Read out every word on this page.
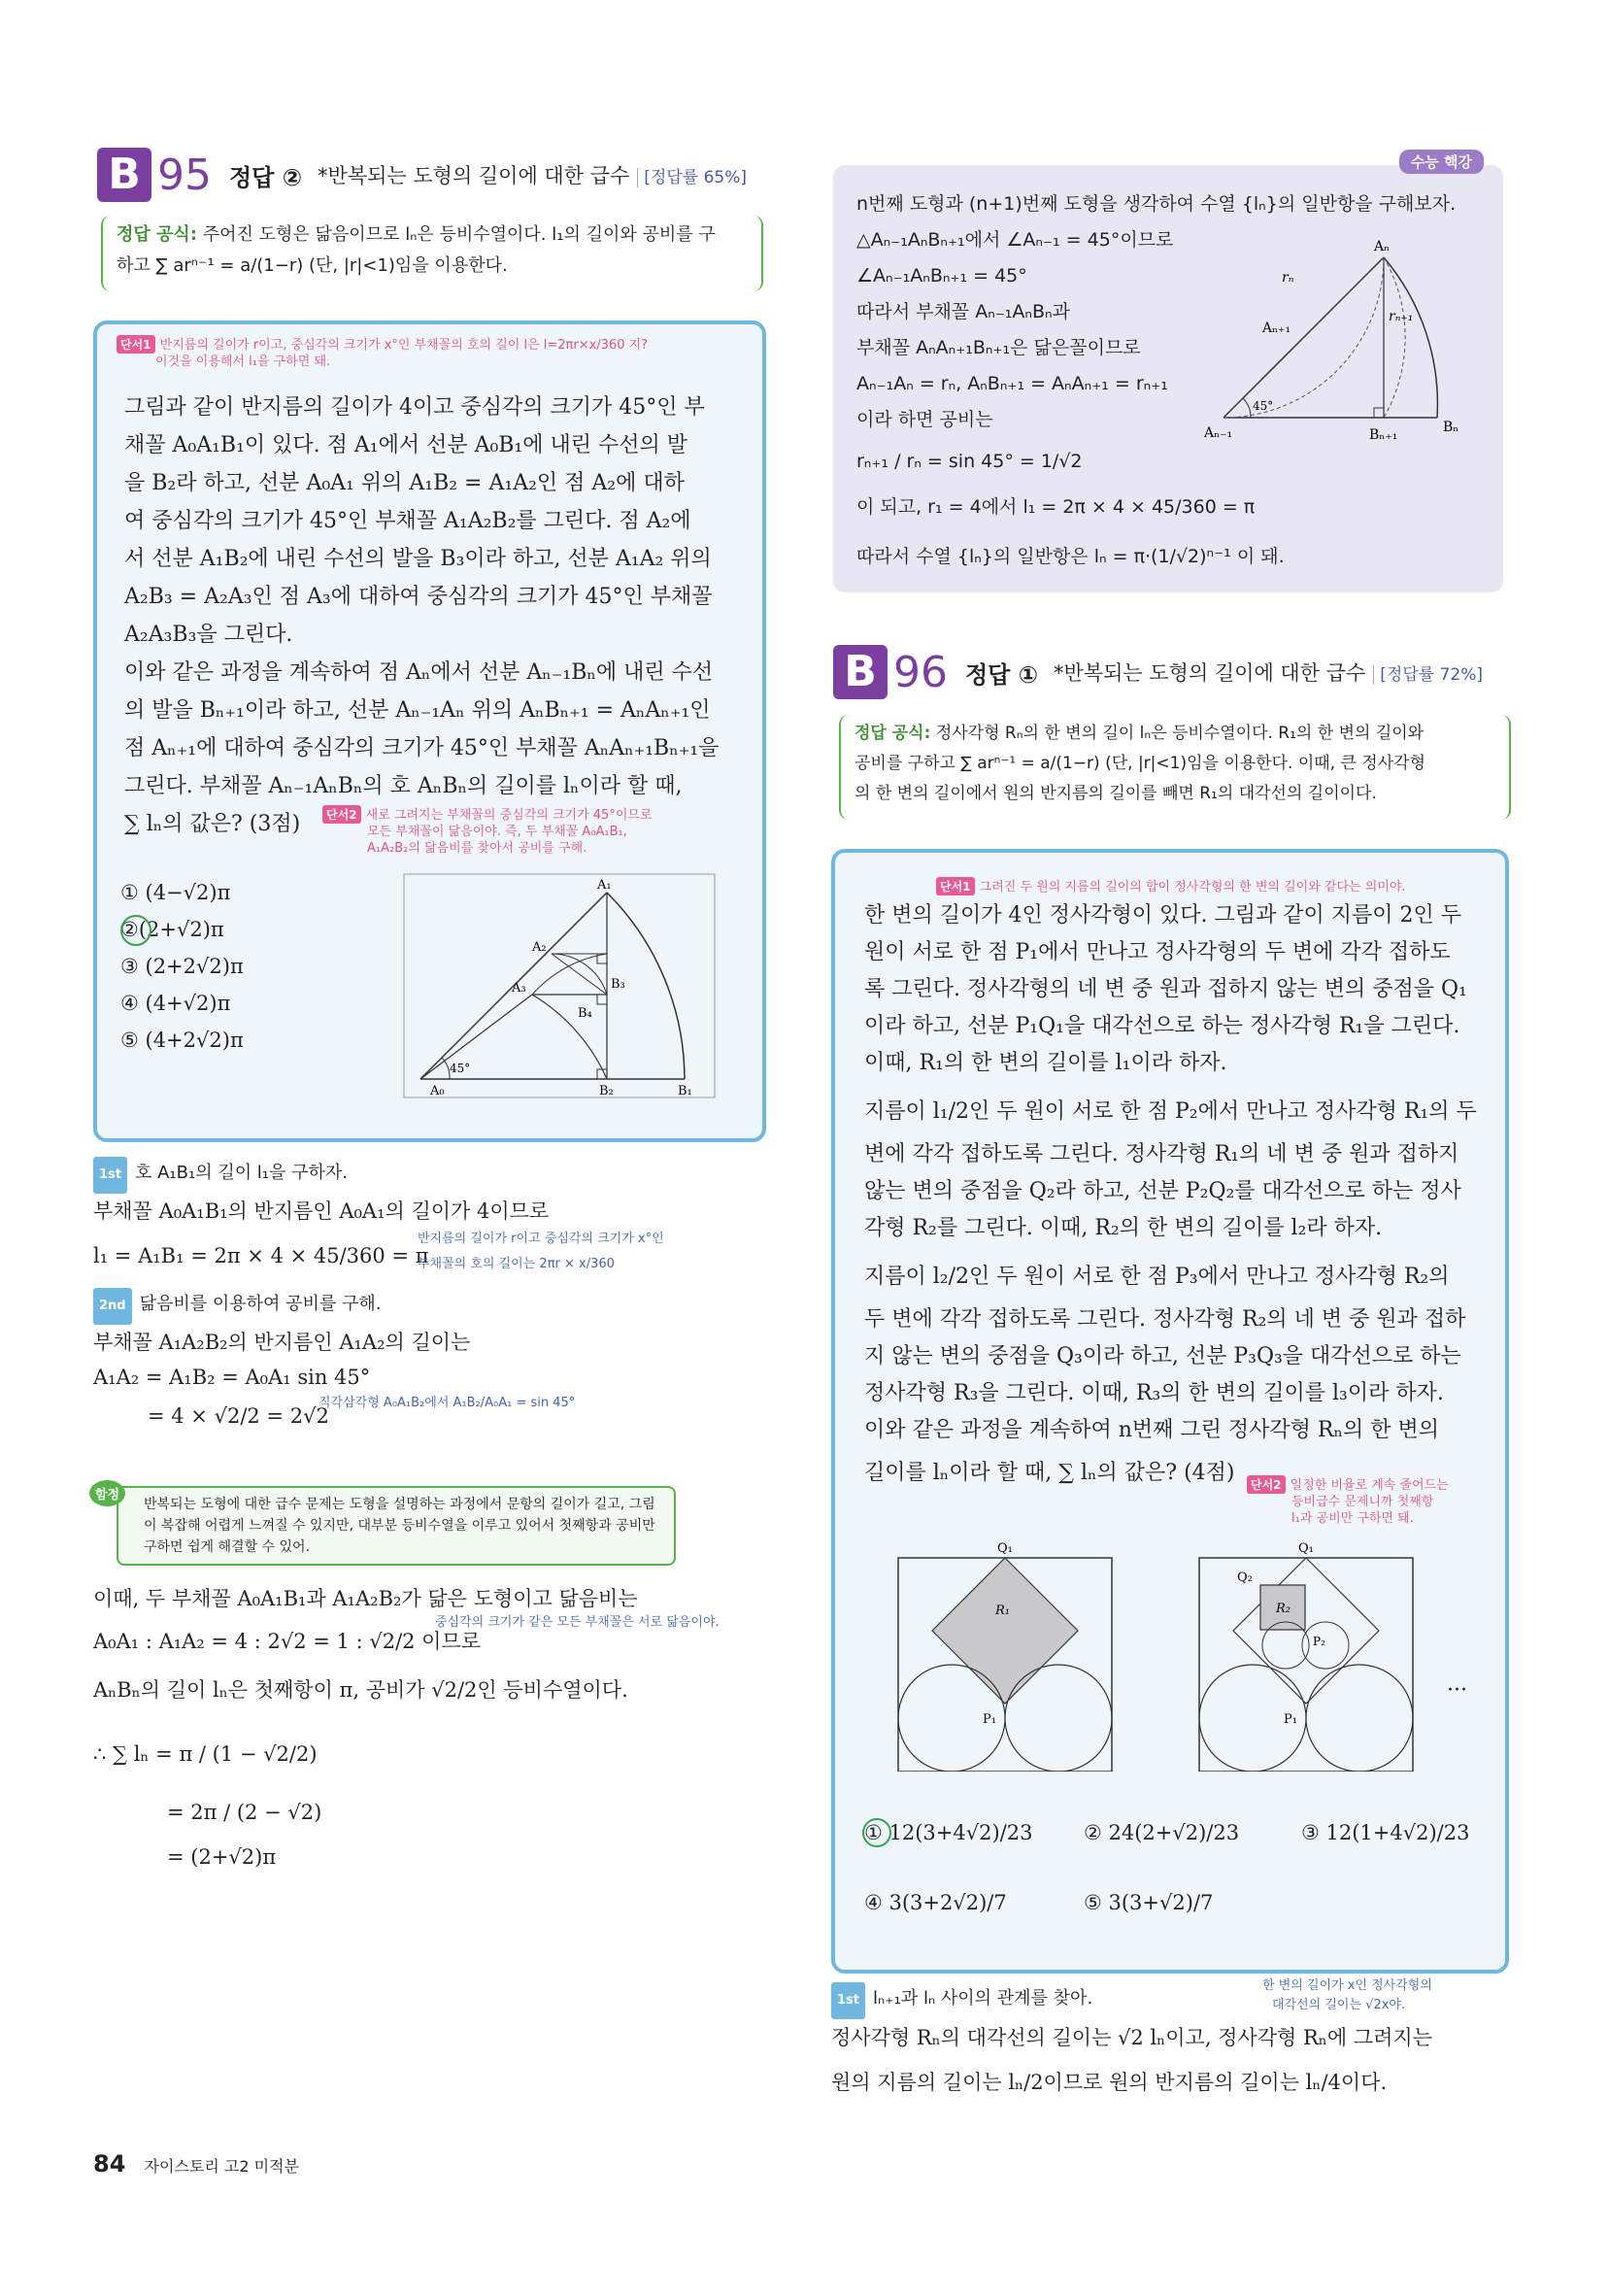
B 95 정답 ② *반복되는 도형의 길이에 대한 급수 [정답률 65%]
정답 공식: 주어진 도형은 닮음이므로 lₙ은 등비수열이다. l₁의 길이와 공비를 구
하고 ∑ arⁿ⁻¹ = a/(1−r) (단, |r|<1)임을 이용한다.
단서1 반지름의 길이가 r이고, 중심각의 크기가 x°인 부채꼴의 호의 길이 l은 l=2πr×x/360 지?
이것을 이용해서 l₁을 구하면 돼.
그림과 같이 반지름의 길이가 4이고 중심각의 크기가 45°인 부
채꼴 A₀A₁B₁이 있다. 점 A₁에서 선분 A₀B₁에 내린 수선의 발
을 B₂라 하고, 선분 A₀A₁ 위의 A₁B₂ = A₁A₂인 점 A₂에 대하
여 중심각의 크기가 45°인 부채꼴 A₁A₂B₂를 그린다. 점 A₂에
서 선분 A₁B₂에 내린 수선의 발을 B₃이라 하고, 선분 A₁A₂ 위의
A₂B₃ = A₂A₃인 점 A₃에 대하여 중심각의 크기가 45°인 부채꼴
A₂A₃B₃을 그린다.
이와 같은 과정을 계속하여 점 Aₙ에서 선분 Aₙ₋₁Bₙ에 내린 수선
의 발을 Bₙ₊₁이라 하고, 선분 Aₙ₋₁Aₙ 위의 AₙBₙ₊₁ = AₙAₙ₊₁인
점 Aₙ₊₁에 대하여 중심각의 크기가 45°인 부채꼴 AₙAₙ₊₁Bₙ₊₁을
그린다. 부채꼴 Aₙ₋₁AₙBₙ의 호 AₙBₙ의 길이를 lₙ이라 할 때,
∑ lₙ의 값은? (3점)	단서2 새로 그려지는 부채꼴의 중심각의 크기가 45°이므로
모든 부채꼴이 닮음이야. 즉, 두 부채꼴 A₀A₁B₁,
A₁A₂B₂의 닮음비를 찾아서 공비를 구해.
① (4−√2)π
②(2+√2)π
③ (2+2√2)π
④ (4+√2)π
⑤ (4+2√2)π
A₀
45°
A₁
A₂
A₃
B₁
B₂
B₃
B₄
1st 호 A₁B₁의 길이 l₁을 구하자.
부채꼴 A₀A₁B₁의 반지름인 A₀A₁의 길이가 4이므로
l₁ = A₁B₁ = 2π × 4 × 45/360 = π
반지름의 길이가 r이고 중심각의 크기가 x°인
부채꼴의 호의 길이는 2πr × x/360
2nd 닮음비를 이용하여 공비를 구해.
부채꼴 A₁A₂B₂의 반지름인 A₁A₂의 길이는
A₁A₂ = A₁B₂ = A₀A₁ sin 45°
= 4 × √2/2 = 2√2
직각삼각형 A₀A₁B₂에서 A₁B₂/A₀A₁ = sin 45°
함정
반복되는 도형에 대한 급수 문제는 도형을 설명하는 과정에서 문항의 길이가 길고, 그림이 복잡해 어렵게 느껴질 수 있지만, 대부분 등비수열을 이루고 있어서 첫째항과 공비만 구하면 쉽게 해결할 수 있어.
이때, 두 부채꼴 A₀A₁B₁과 A₁A₂B₂가 닮은 도형이고 닮음비는
A₀A₁ : A₁A₂ = 4 : 2√2 = 1 : √2/2 이므로
중심각의 크기가 같은 모든 부채꼴은 서로 닮음이야.
AₙBₙ의 길이 lₙ은 첫째항이 π, 공비가 √2/2인 등비수열이다.
∴ ∑ lₙ = π / (1 − √2/2)
= 2π / (2 − √2)
= (2+√2)π
수능 핵강
n번째 도형과 (n+1)번째 도형을 생각하여 수열 {lₙ}의 일반항을 구해보자.
△Aₙ₋₁AₙBₙ₊₁에서 ∠Aₙ₋₁ = 45°이므로
∠Aₙ₋₁AₙBₙ₊₁ = 45°
따라서 부채꼴 Aₙ₋₁AₙBₙ과
부채꼴 AₙAₙ₊₁Bₙ₊₁은 닮은꼴이므로
Aₙ₋₁Aₙ = rₙ, AₙBₙ₊₁ = AₙAₙ₊₁ = rₙ₊₁
이라 하면 공비는
rₙ₊₁ / rₙ = sin 45° = 1/√2
이 되고, r₁ = 4에서 l₁ = 2π × 4 × 45/360 = π
따라서 수열 {lₙ}의 일반항은 lₙ = π·(1/√2)ⁿ⁻¹ 이 돼.
Aₙ
Aₙ₊₁
Aₙ₋₁	Bₙ
Bₙ₊₁
rₙ
rₙ₊₁
45°
B 96 정답 ① *반복되는 도형의 길이에 대한 급수 [정답률 72%]
정답 공식: 정사각형 Rₙ의 한 변의 길이 lₙ은 등비수열이다. R₁의 한 변의 길이와
공비를 구하고 ∑ arⁿ⁻¹ = a/(1−r) (단, |r|<1)임을 이용한다. 이때, 큰 정사각형
의 한 변의 길이에서 원의 반지름의 길이를 빼면 R₁의 대각선의 길이이다.
단서1 그려진 두 원의 지름의 길이의 합이 정사각형의 한 변의 길이와 같다는 의미야.
한 변의 길이가 4인 정사각형이 있다. 그림과 같이 지름이 2인 두
원이 서로 한 점 P₁에서 만나고 정사각형의 두 변에 각각 접하도
록 그린다. 정사각형의 네 변 중 원과 접하지 않는 변의 중점을 Q₁
이라 하고, 선분 P₁Q₁을 대각선으로 하는 정사각형 R₁을 그린다.
이때, R₁의 한 변의 길이를 l₁이라 하자.
지름이 l₁/2인 두 원이 서로 한 점 P₂에서 만나고 정사각형 R₁의 두
변에 각각 접하도록 그린다. 정사각형 R₁의 네 변 중 원과 접하지
않는 변의 중점을 Q₂라 하고, 선분 P₂Q₂를 대각선으로 하는 정사
각형 R₂를 그린다. 이때, R₂의 한 변의 길이를 l₂라 하자.
지름이 l₂/2인 두 원이 서로 한 점 P₃에서 만나고 정사각형 R₂의
두 변에 각각 접하도록 그린다. 정사각형 R₂의 네 변 중 원과 접하
지 않는 변의 중점을 Q₃이라 하고, 선분 P₃Q₃을 대각선으로 하는
정사각형 R₃을 그린다. 이때, R₃의 한 변의 길이를 l₃이라 하자.
이와 같은 과정을 계속하여 n번째 그린 정사각형 Rₙ의 한 변의
길이를 lₙ이라 할 때, ∑ lₙ의 값은? (4점)	단서2 일정한 비율로 계속 줄어드는
등비급수 문제니까 첫째항
l₁과 공비만 구하면 돼.
Q₁
R₁
P₁
Q₁
Q₂
R₂
P₂
P₁
···
① 12(3+4√2)/23	② 24(2+√2)/23	③ 12(1+4√2)/23
④ 3(3+2√2)/7	⑤ 3(3+√2)/7
1st lₙ₊₁과 lₙ 사이의 관계를 찾아.
한 변의 길이가 x인 정사각형의
대각선의 길이는 √2x야.
정사각형 Rₙ의 대각선의 길이는 √2 lₙ이고, 정사각형 Rₙ에 그려지는
원의 지름의 길이는 lₙ/2이므로 원의 반지름의 길이는 lₙ/4이다.
84 자이스토리 고2 미적분
